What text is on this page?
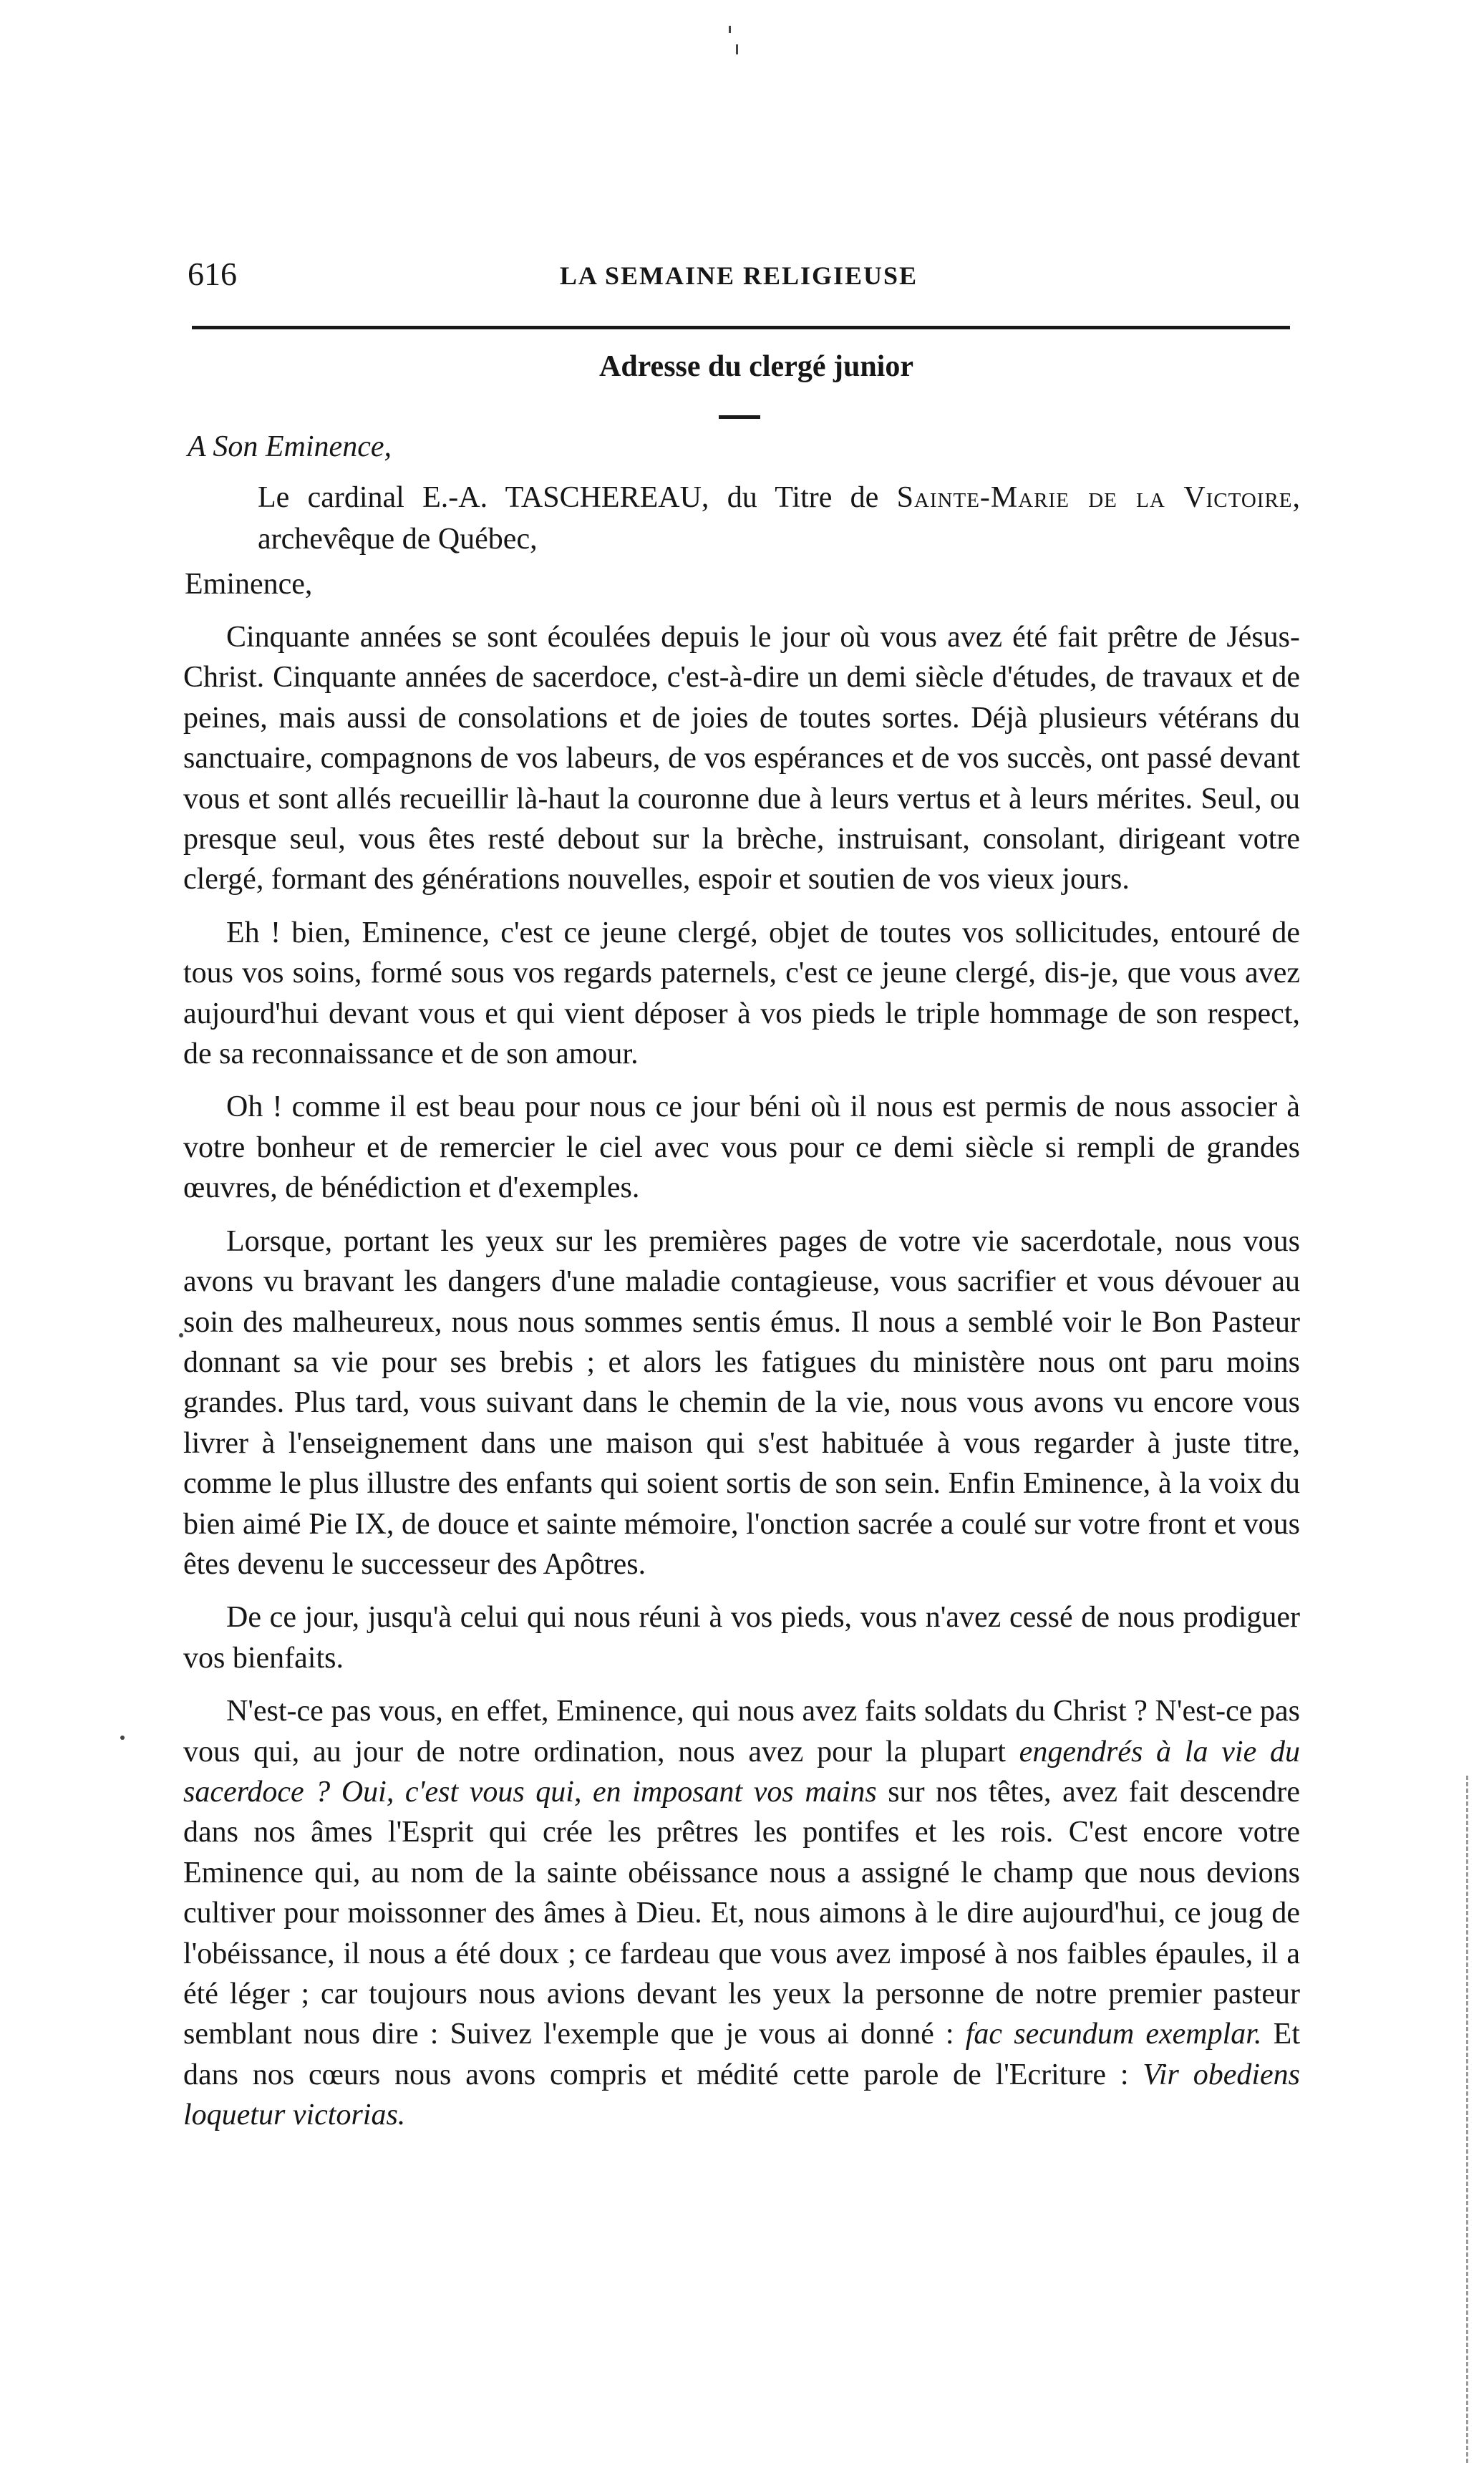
616	LA SEMAINE RELIGIEUSE
Adresse du clergé junior
A Son Eminence,
Le cardinal E.-A. TASCHEREAU, du Titre de Sainte-Marie de la Victoire, archevêque de Québec,
Eminence,

Cinquante années se sont écoulées depuis le jour où vous avez été fait prêtre de Jésus-Christ. Cinquante années de sacerdoce, c'est-à-dire un demi siècle d'études, de travaux et de peines, mais aussi de consolations et de joies de toutes sortes. Déjà plusieurs vétérans du sanctuaire, compagnons de vos labeurs, de vos espérances et de vos succès, ont passé devant vous et sont allés recueillir là-haut la couronne due à leurs vertus et à leurs mérites. Seul, ou presque seul, vous êtes resté debout sur la brèche, instruisant, consolant, dirigeant votre clergé, formant des générations nouvelles, espoir et soutien de vos vieux jours.

Eh ! bien, Eminence, c'est ce jeune clergé, objet de toutes vos sollicitudes, entouré de tous vos soins, formé sous vos regards paternels, c'est ce jeune clergé, dis-je, que vous avez aujourd'hui devant vous et qui vient déposer à vos pieds le triple hommage de son respect, de sa reconnaissance et de son amour.

Oh ! comme il est beau pour nous ce jour béni où il nous est permis de nous associer à votre bonheur et de remercier le ciel avec vous pour ce demi siècle si rempli de grandes œuvres, de bénédiction et d'exemples.

Lorsque, portant les yeux sur les premières pages de votre vie sacerdotale, nous vous avons vu bravant les dangers d'une maladie contagieuse, vous sacrifier et vous dévouer au soin des malheureux, nous nous sommes sentis émus. Il nous a semblé voir le Bon Pasteur donnant sa vie pour ses brebis ; et alors les fatigues du ministère nous ont paru moins grandes. Plus tard, vous suivant dans le chemin de la vie, nous vous avons vu encore vous livrer à l'enseignement dans une maison qui s'est habituée à vous regarder à juste titre, comme le plus illustre des enfants qui soient sortis de son sein. Enfin Eminence, à la voix du bien aimé Pie IX, de douce et sainte mémoire, l'onction sacrée a coulé sur votre front et vous êtes devenu le successeur des Apôtres.

De ce jour, jusqu'à celui qui nous réuni à vos pieds, vous n'avez cessé de nous prodiguer vos bienfaits.

N'est-ce pas vous, en effet, Eminence, qui nous avez faits soldats du Christ ? N'est-ce pas vous qui, au jour de notre ordination, nous avez pour la plupart engendrés à la vie du sacerdoce ? Oui, c'est vous qui, en imposant vos mains sur nos têtes, avez fait descendre dans nos âmes l'Esprit qui crée les prêtres les pontifes et les rois. C'est encore votre Eminence qui, au nom de la sainte obéissance nous a assigné le champ que nous devions cultiver pour moissonner des âmes à Dieu. Et, nous aimons à le dire aujourd'hui, ce joug de l'obéissance, il nous a été doux ; ce fardeau que vous avez imposé à nos faibles épaules, il a été léger ; car toujours nous avions devant les yeux la personne de notre premier pasteur semblant nous dire : Suivez l'exemple que je vous ai donné : fac secundum exemplar. Et dans nos cœurs nous avons compris et médité cette parole de l'Ecriture : Vir obediens loquetur victorias.
